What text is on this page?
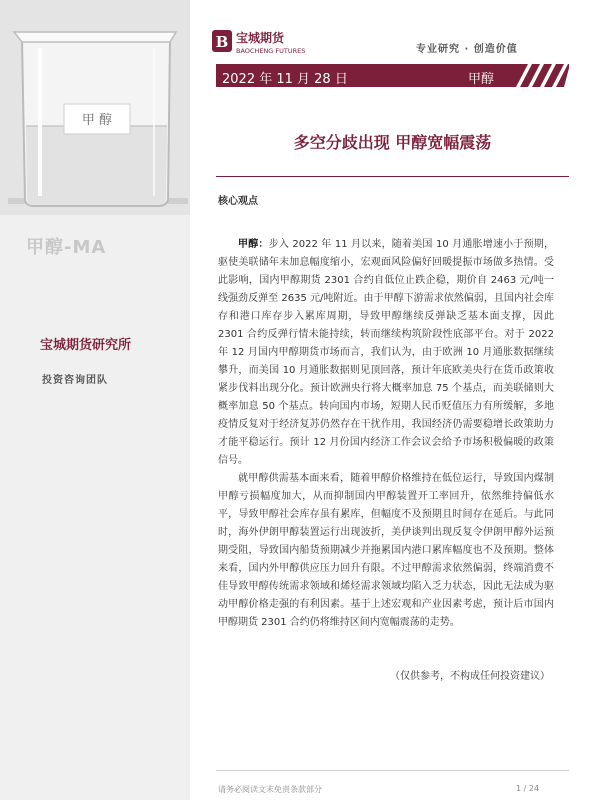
甲 醇
甲醇-MA
宝城期货研究所
投资咨询团队
B 宝城期货
BAOCHENG FUTURES	专业研究 · 创造价值
2022 年 11 月 28 日	甲醇
多空分歧出现 甲醇宽幅震荡
核心观点

甲醇：步入 2022 年 11 月以来，随着美国 10 月通胀增速小于预期，驱使美联储年末加息幅度缩小，宏观面风险偏好回暖提振市场做多热情。受此影响，国内甲醇期货 2301 合约自低位止跌企稳，期价自 2463 元/吨一线强劲反弹至 2635 元/吨附近。由于甲醇下游需求依然偏弱，且国内社会库存和港口库存步入累库周期，导致甲醇继续反弹缺乏基本面支撑，因此 2301 合约反弹行情未能持续，转而继续构筑阶段性底部平台。对于 2022 年 12 月国内甲醇期货市场而言，我们认为，由于欧洲 10 月通胀数据继续攀升，而美国 10 月通胀数据则见顶回落，预计年底欧美央行在货币政策收紧步伐料出现分化。预计欧洲央行将大概率加息 75 个基点，而美联储则大概率加息 50 个基点。转向国内市场，短期人民币贬值压力有所缓解，多地疫情反复对于经济复苏仍然存在干扰作用，我国经济仍需要稳增长政策助力才能平稳运行。预计 12 月份国内经济工作会议会给予市场积极偏暖的政策信号。

就甲醇供需基本面来看，随着甲醇价格维持在低位运行，导致国内煤制甲醇亏损幅度加大，从而抑制国内甲醇装置开工率回升，依然维持偏低水平，导致甲醇社会库存虽有累库，但幅度不及预期且时间存在延后。与此同时，海外伊朗甲醇装置运行出现波折，美伊谈判出现反复令伊朗甲醇外运预期受阻，导致国内船货预期减少并拖累国内港口累库幅度也不及预期。整体来看，国内外甲醇供应压力回升有限。不过甲醇需求依然偏弱，终端消费不佳导致甲醇传统需求领域和烯烃需求领域均陷入乏力状态，因此无法成为驱动甲醇价格走强的有利因素。基于上述宏观和产业因素考虑，预计后市国内甲醇期货 2301 合约仍将维持区间内宽幅震荡的走势。

（仅供参考，不构成任何投资建议）
请务必阅读文末免责条款部分	1 / 24
